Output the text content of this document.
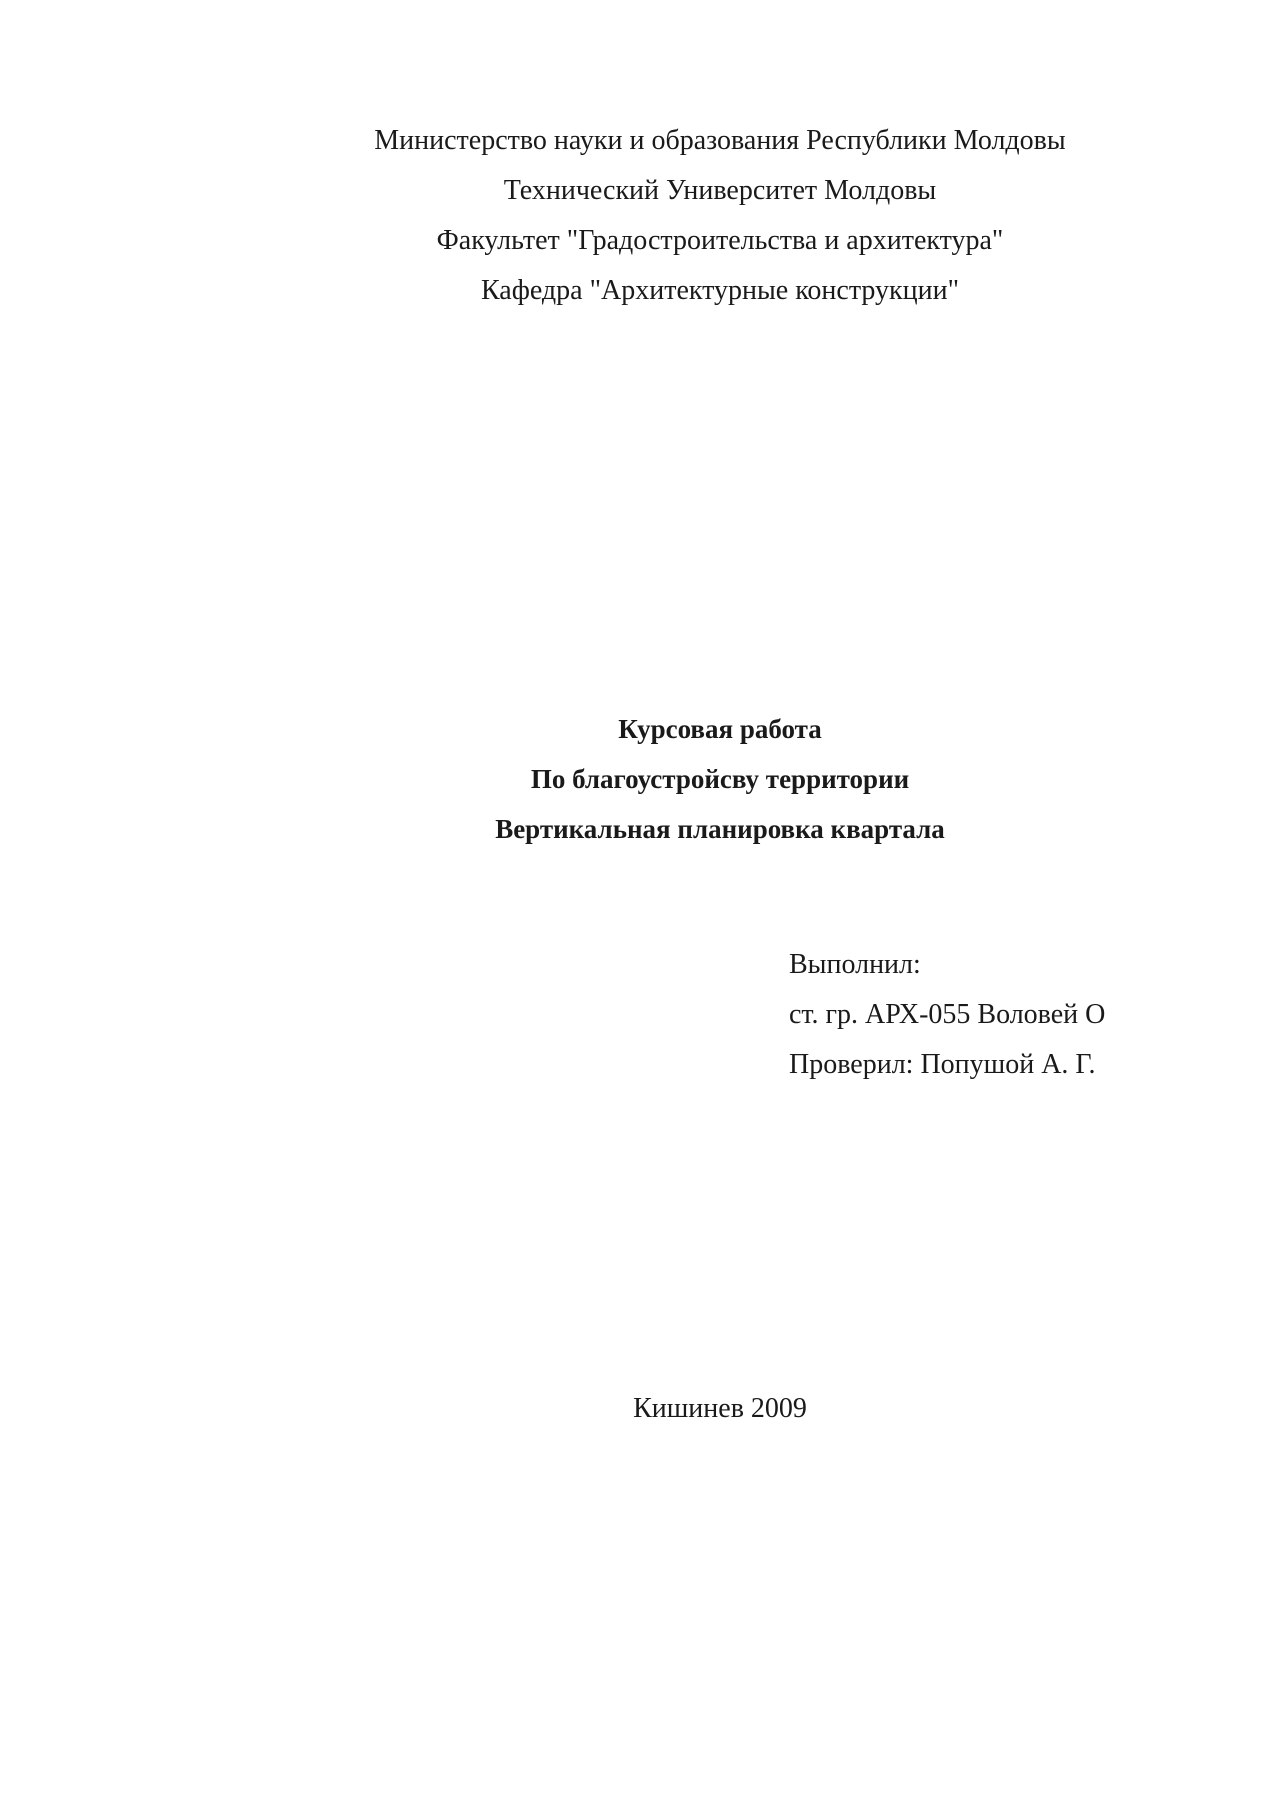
Министерство науки и образования Республики Молдовы
Технический Университет Молдовы
Факультет "Градостроительства и архитектура"
Кафедра "Архитектурные конструкции"
Курсовая работа
По благоустройсву территории
Вертикальная планировка квартала
Выполнил:
ст. гр. АРХ-055 Воловей О
Проверил: Попушой А. Г.
Кишинев 2009
